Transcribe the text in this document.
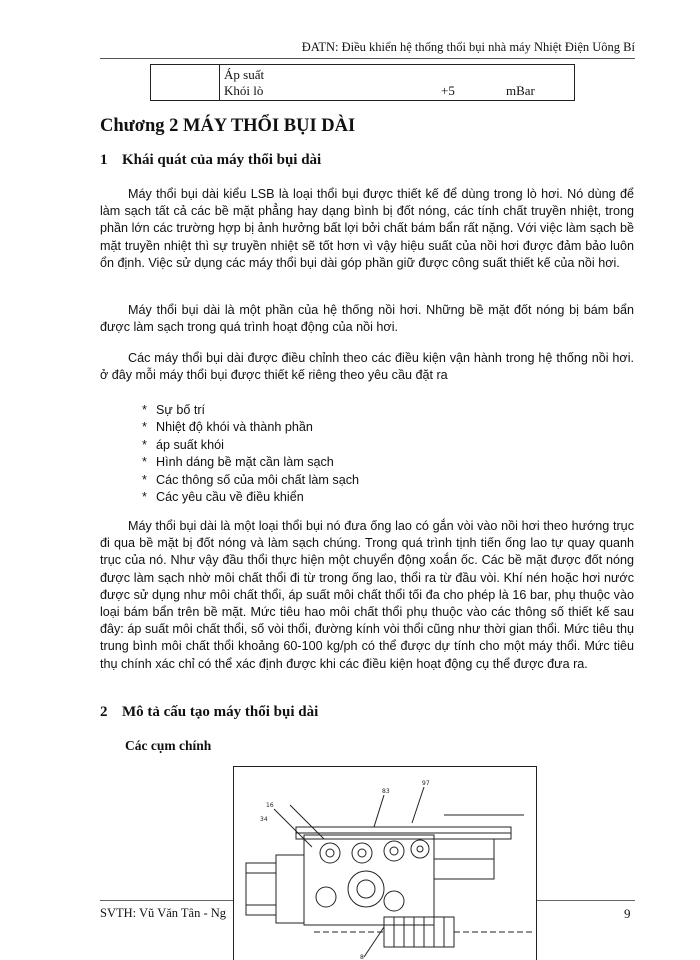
ĐATN: Điều khiển hệ thống thổi bụi nhà máy Nhiệt Điện Uông Bí
Áp suất
Khói lò	+5	mBar
Chương 2 MÁY THỔI BỤI DÀI
1 Khái quát của máy thổi bụi dài

Máy thổi bụi dài kiểu LSB là loại thổi bụi được thiết kế để dùng trong lò hơi. Nó dùng để làm sạch tất cả các bề mặt phẳng hay dạng bình bị đốt nóng, các tính chất truyền nhiệt, trong phần lớn các trường hợp bị ảnh hưởng bất lợi bởi chất bám bẩn rất nặng. Với việc làm sạch bề mặt truyền nhiệt thì sự truyền nhiệt sẽ tốt hơn vì vậy hiệu suất của nồi hơi được đảm bảo luôn ổn định. Việc sử dụng các máy thổi bụi dài góp phần giữ được công suất thiết kế của nồi hơi.

Máy thổi bụi dài là một phần của hệ thống nồi hơi. Những bề mặt đốt nóng bị bám bẩn được làm sạch trong quá trình hoạt động của nồi hơi.

Các máy thổi bụi dài được điều chỉnh theo các điều kiện vận hành trong hệ thống nồi hơi. ở đây mỗi máy thổi bụi được thiết kế riêng theo yêu cầu đặt ra

* Sự bố trí
* Nhiệt độ khói và thành phần
* áp suất khói
* Hình dáng bề mặt cần làm sạch
* Các thông số của môi chất làm sạch
* Các yêu cầu về điều khiển

Máy thổi bụi dài là một loại thổi bụi nó đưa ống lao có gắn vòi vào nồi hơi theo hướng trục đi qua bề mặt bị đốt nóng và làm sạch chúng. Trong quá trình tịnh tiến ống lao tự quay quanh trục của nó. Như vậy đầu thổi thực hiện một chuyển động xoắn ốc. Các bề mặt được đốt nóng được làm sạch nhờ môi chất thổi đi từ trong ống lao, thổi ra từ đầu vòi. Khí nén hoặc hơi nước được sử dụng như môi chất thổi, áp suất môi chất thổi tối đa cho phép là 16 bar, phụ thuộc vào loại bám bẩn trên bề mặt. Mức tiêu hao môi chất thổi phụ thuộc vào các thông số thiết kế sau đây: áp suất môi chất thổi, số vòi thổi, đường kính vòi thổi cũng như thời gian thổi. Mức tiêu thụ trung bình môi chất thổi khoảng 60-100 kg/ph có thể được dự tính cho một máy thổi. Mức tiêu thụ chính xác chỉ có thể xác định được khi các điều kiện hoạt động cụ thể được đưa ra.

2 Mô tả cấu tạo máy thổi bụi dài
Các cụm chính
16
34
83
97
8
SVTH: Vũ Văn Tân - Ng	9
